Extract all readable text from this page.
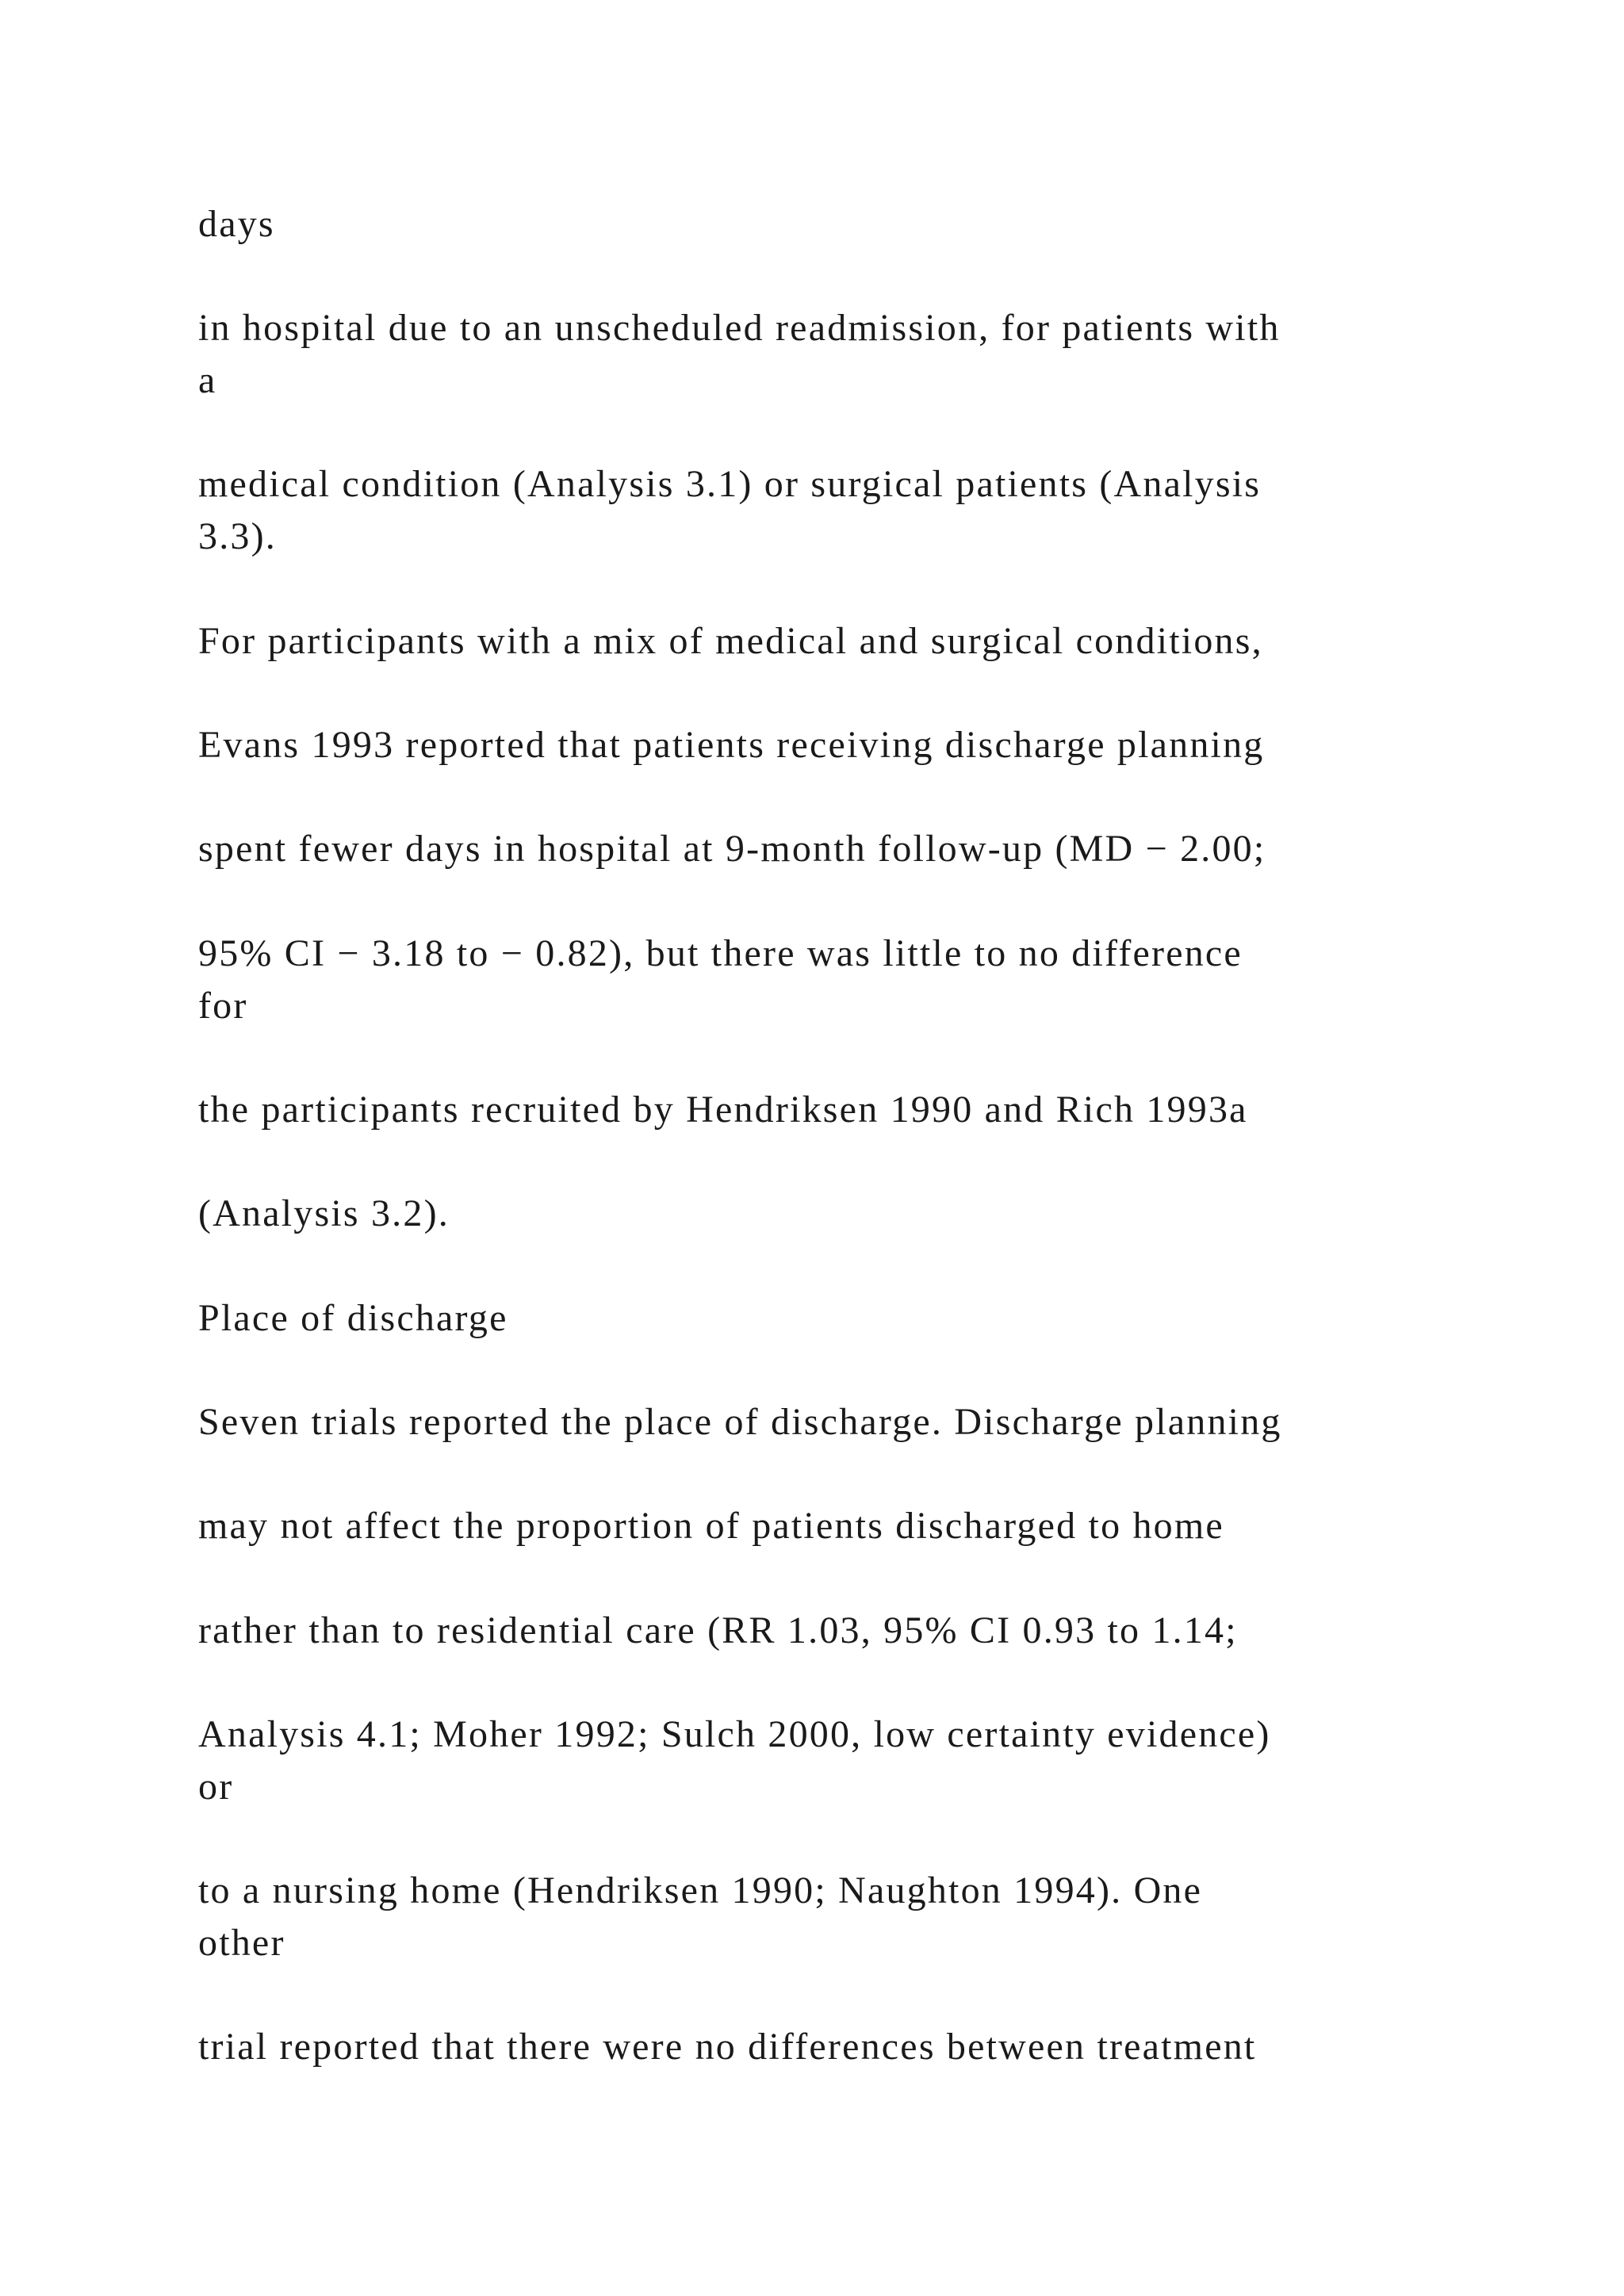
days

in hospital due to an unscheduled readmission, for patients with

a

medical condition (Analysis 3.1) or surgical patients (Analysis

3.3).

For participants with a mix of medical and surgical conditions,

Evans 1993 reported that patients receiving discharge planning

spent fewer days in hospital at 9-month follow-up (MD − 2.00;

95% CI − 3.18 to − 0.82), but there was little to no difference

for

the participants recruited by Hendriksen 1990 and Rich 1993a

(Analysis 3.2).

Place of discharge

Seven trials reported the place of discharge. Discharge planning

may not affect the proportion of patients discharged to home

rather than to residential care (RR 1.03, 95% CI 0.93 to 1.14;

Analysis 4.1; Moher 1992; Sulch 2000, low certainty evidence)

or

to a nursing home (Hendriksen 1990; Naughton 1994). One

other

trial reported that there were no differences between treatment
